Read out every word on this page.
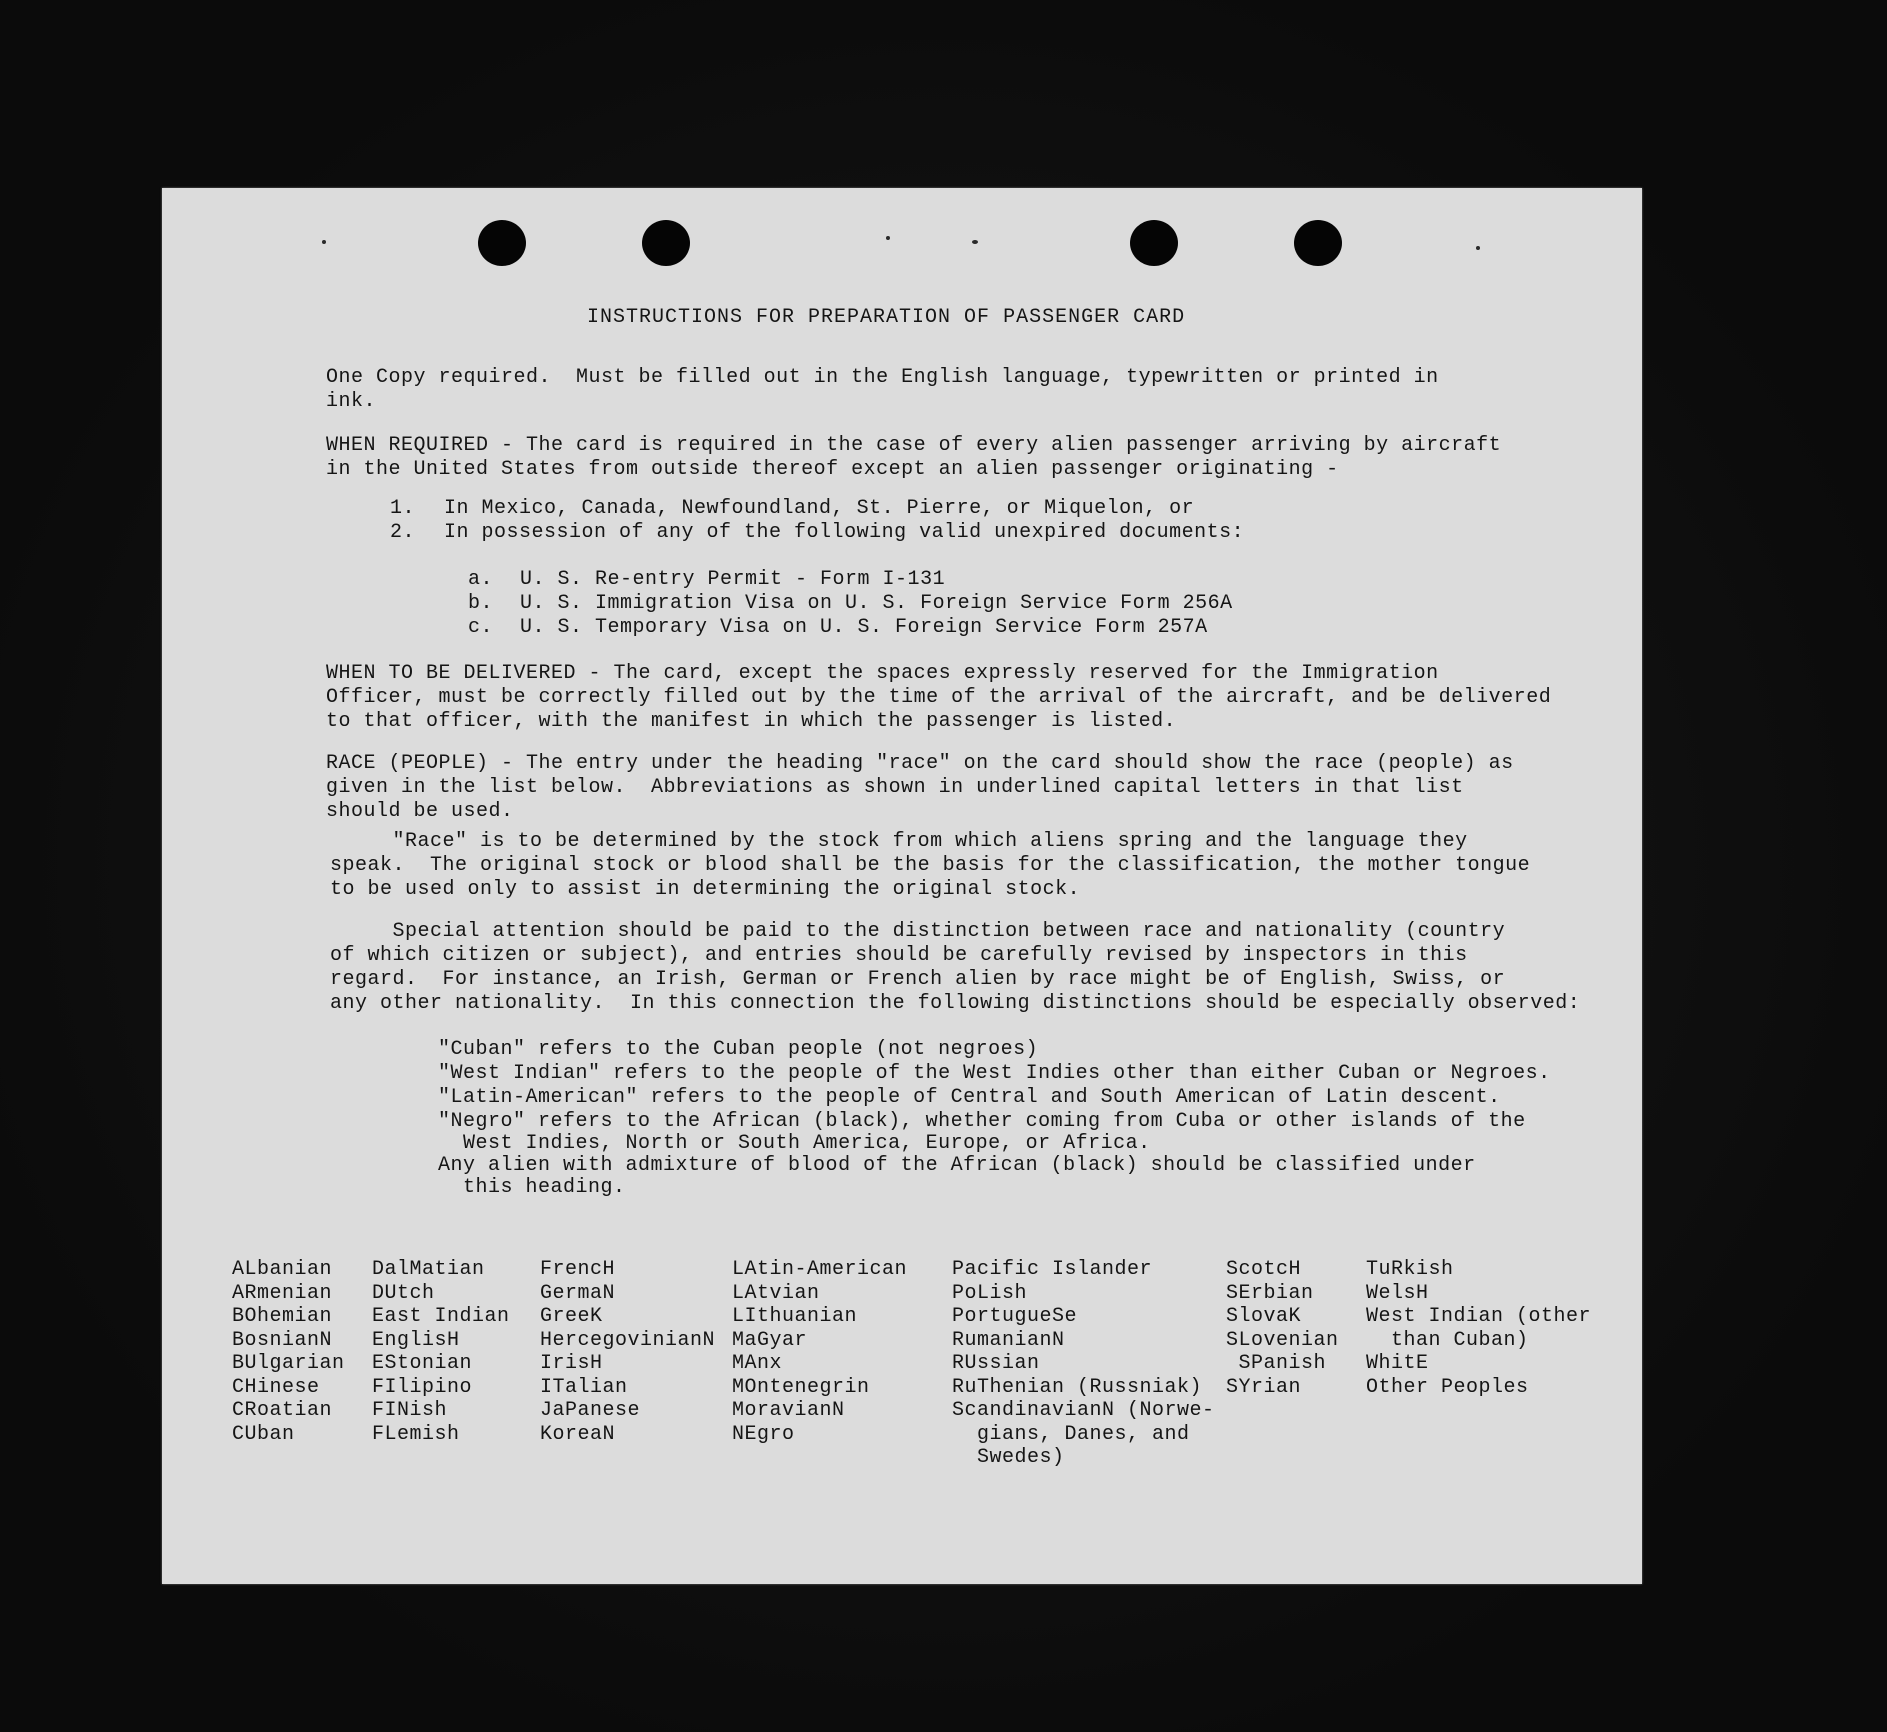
INSTRUCTIONS FOR PREPARATION OF PASSENGER CARD
One Copy required.  Must be filled out in the English language, typewritten or printed in
ink.
WHEN REQUIRED - The card is required in the case of every alien passenger arriving by aircraft
in the United States from outside thereof except an alien passenger originating -
1. In Mexico, Canada, Newfoundland, St. Pierre, or Miquelon, or
2. In possession of any of the following valid unexpired documents:
a. U. S. Re-entry Permit - Form I-131
b. U. S. Immigration Visa on U. S. Foreign Service Form 256A
c. U. S. Temporary Visa on U. S. Foreign Service Form 257A
WHEN TO BE DELIVERED - The card, except the spaces expressly reserved for the Immigration
Officer, must be correctly filled out by the time of the arrival of the aircraft, and be delivered
to that officer, with the manifest in which the passenger is listed.
RACE (PEOPLE) - The entry under the heading "race" on the card should show the race (people) as
given in the list below.  Abbreviations as shown in underlined capital letters in that list
should be used.
"Race" is to be determined by the stock from which aliens spring and the language they
speak.  The original stock or blood shall be the basis for the classification, the mother tongue
to be used only to assist in determining the original stock.
Special attention should be paid to the distinction between race and nationality (country
of which citizen or subject), and entries should be carefully revised by inspectors in this
regard.  For instance, an Irish, German or French alien by race might be of English, Swiss, or
any other nationality.  In this connection the following distinctions should be especially observed:
"Cuban" refers to the Cuban people (not negroes)
"West Indian" refers to the people of the West Indies other than either Cuban or Negroes.
"Latin-American" refers to the people of Central and South American of Latin descent.
"Negro" refers to the African (black), whether coming from Cuba or other islands of the
West Indies, North or South America, Europe, or Africa.
Any alien with admixture of blood of the African (black) should be classified under
this heading.
ALbanian
ARmenian
BOhemian
BosnianN
BUlgarian
CHinese
CRoatian
CUban
DalMatian
DUtch
East Indian
EnglisH
EStonian
FIlipino
FINish
FLemish
FrencH
GermaN
GreeK
HercegovinianN
IrisH
ITalian
JaPanese
KoreaN
LAtin-American
LAtvian
LIthuanian
MaGyar
MAnx
MOntenegrin
MoravianN
NEgro
Pacific Islander
PoLish
PortugueSe
RumanianN
RUssian
RuThenian (Russniak)
ScandinavianN (Norwe-
gians, Danes, and
Swedes)
ScotcH
SErbian
SlovaK
SLovenian
SPanish
SYrian
TuRkish
WelsH
West Indian (other
than Cuban)
WhitE
Other Peoples
